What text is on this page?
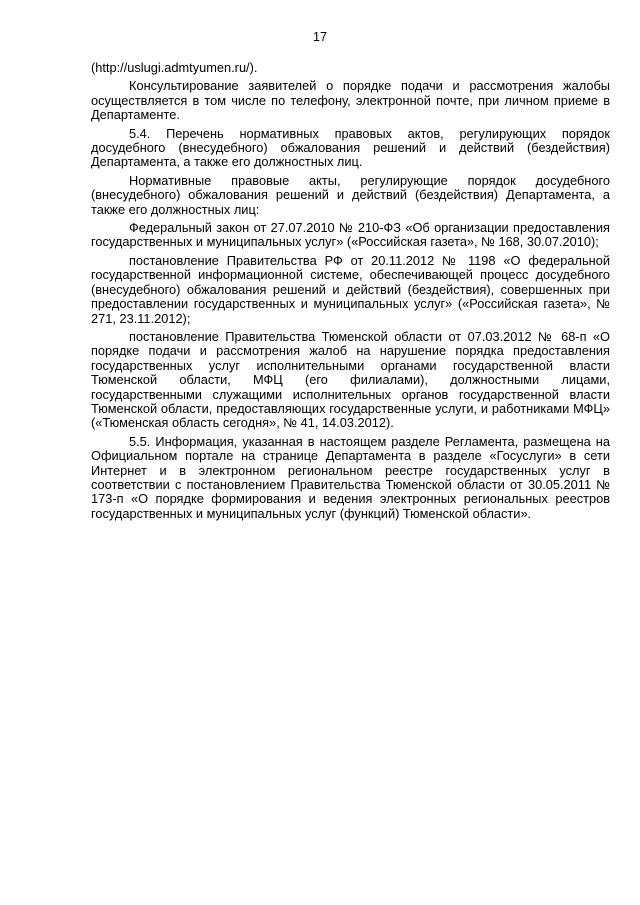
17

(http://uslugi.admtyumen.ru/).

Консультирование заявителей о порядке подачи и рассмотрения жалобы осуществляется в том числе по телефону, электронной почте, при личном приеме в Департаменте.

5.4. Перечень нормативных правовых актов, регулирующих порядок досудебного (внесудебного) обжалования решений и действий (бездействия) Департамента, а также его должностных лиц.

Нормативные правовые акты, регулирующие порядок досудебного (внесудебного) обжалования решений и действий (бездействия) Департамента, а также его должностных лиц:

Федеральный закон от 27.07.2010 № 210-ФЗ «Об организации предоставления государственных и муниципальных услуг» («Российская газета», № 168, 30.07.2010);

постановление Правительства РФ от 20.11.2012 № 1198 «О федеральной государственной информационной системе, обеспечивающей процесс досудебного (внесудебного) обжалования решений и действий (бездействия), совершенных при предоставлении государственных и муниципальных услуг» («Российская газета», № 271, 23.11.2012);

постановление Правительства Тюменской области от 07.03.2012 № 68-п «О порядке подачи и рассмотрения жалоб на нарушение порядка предоставления государственных услуг исполнительными органами государственной власти Тюменской области, МФЦ (его филиалами), должностными лицами, государственными служащими исполнительных органов государственной власти Тюменской области, предоставляющих государственные услуги, и работниками МФЦ» («Тюменская область сегодня», № 41, 14.03.2012).

5.5. Информация, указанная в настоящем разделе Регламента, размещена на Официальном портале на странице Департамента в разделе «Госуслуги» в сети Интернет и в электронном региональном реестре государственных услуг в соответствии с постановлением Правительства Тюменской области от 30.05.2011 № 173-п «О порядке формирования и ведения электронных региональных реестров государственных и муниципальных услуг (функций) Тюменской области».
